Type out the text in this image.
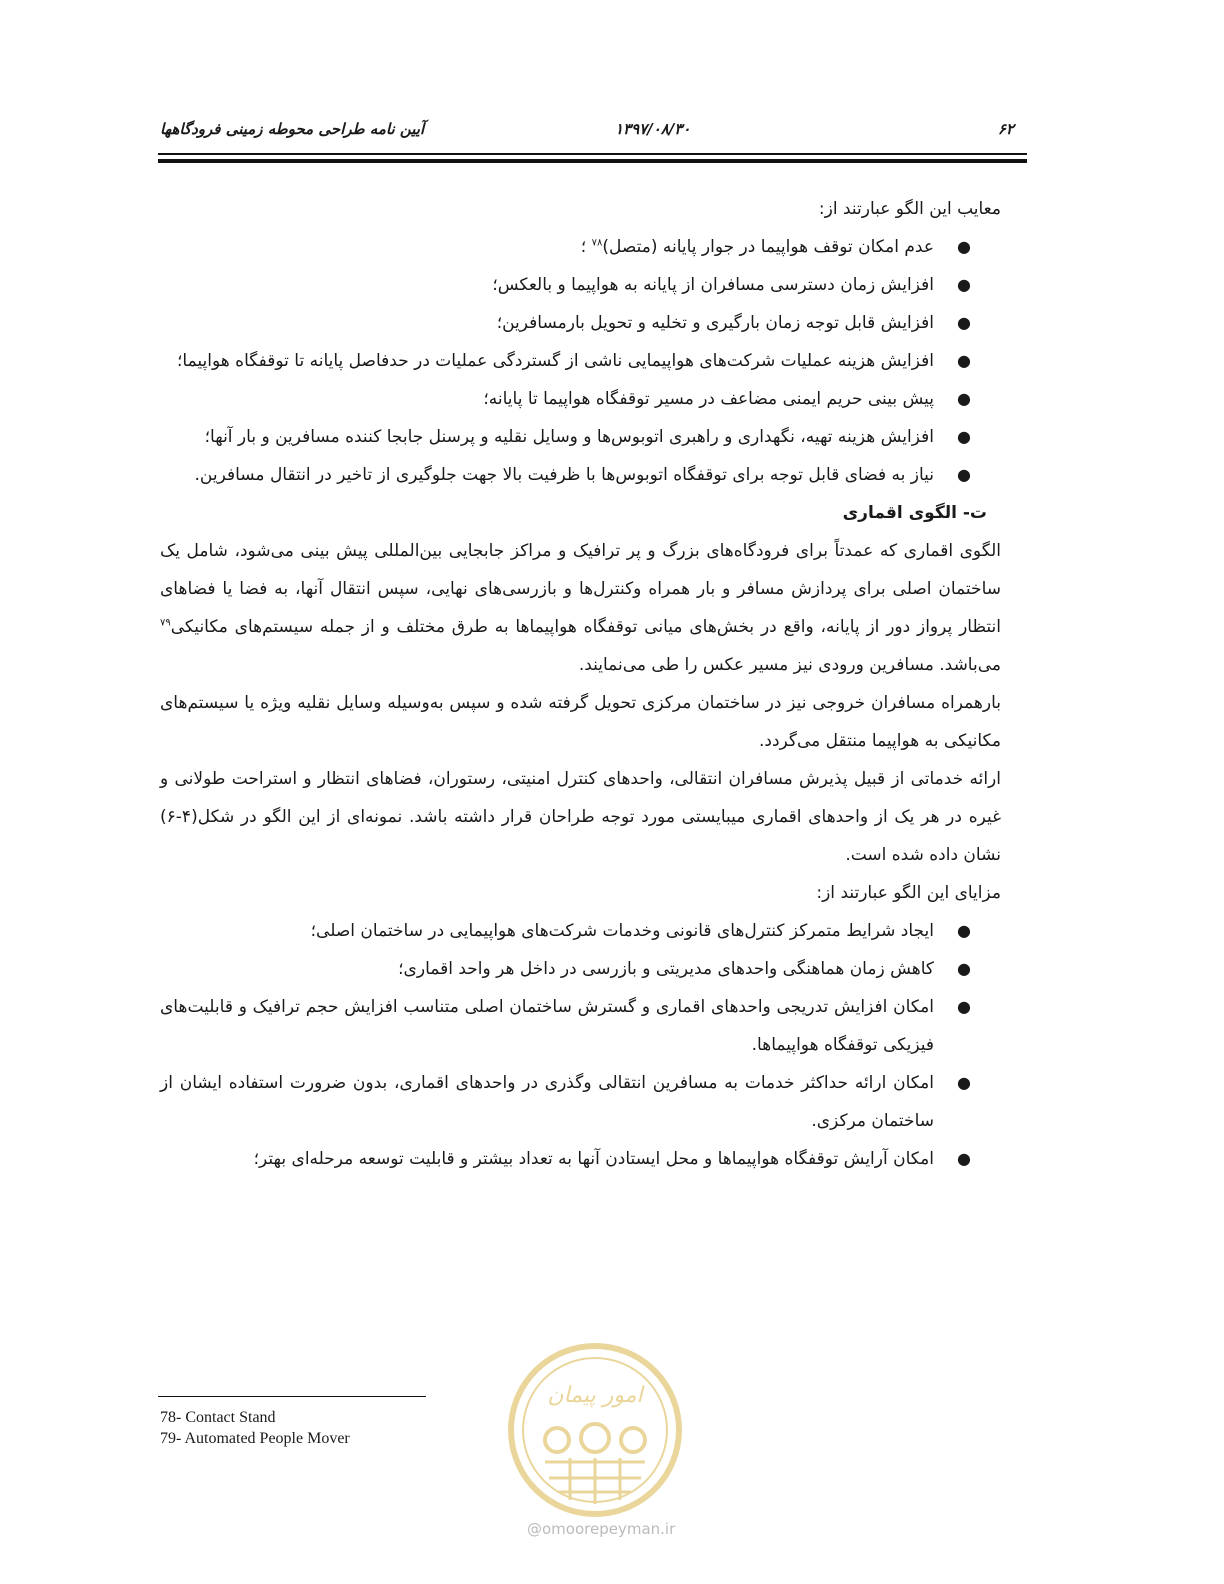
۶۲
۱۳۹۷/۰۸/۳۰
آیین نامه طراحی محوطه زمینی فرودگاهها

معایب این الگو عبارتند از:

●
عدم امکان توقف هواپیما در جوار پایانه (متصل)$^{۷۸}$ ؛
●
افزایش زمان دسترسی مسافران از پایانه به هواپیما و بالعکس؛
●
افزایش قابل توجه زمان بارگیری و تخلیه و تحویل بارمسافرین؛
●
افزایش هزینه عملیات شرکت‌های هواپیمایی ناشی از گستردگی عملیات در حدفاصل پایانه تا توقفگاه هواپیما؛
●
پیش بینی حریم ایمنی مضاعف در مسیر توقفگاه هواپیما تا پایانه؛
●
افزایش هزینه تهیه، نگهداری و راهبری اتوبوس‌ها و وسایل نقلیه و پرسنل جابجا کننده مسافرین و بار آنها؛
●
نیاز به فضای قابل توجه برای توقفگاه اتوبوس‌ها با ظرفیت بالا جهت جلوگیری از تاخیر در انتقال مسافرین.

ت- الگوی اقماری

الگوی اقماری که عمدتاً برای فرودگاه‌های بزرگ و پر ترافیک و مراکز جابجایی بین‌المللی پیش بینی می‌شود، شامل یک ساختمان اصلی برای پردازش مسافر و بار همراه وکنترل‌ها و بازرسی‌های نهایی، سپس انتقال آنها، به فضا یا فضاهای انتظار پرواز دور از پایانه، واقع در بخش‌های میانی توقفگاه هواپیماها به طرق مختلف و از جمله سیستم‌های مکانیکی$^{۷۹}$ می‌باشد. مسافرین ورودی نیز مسیر عکس را طی می‌نمایند.

بارهمراه مسافران خروجی نیز در ساختمان مرکزی تحویل گرفته شده و سپس به‌وسیله وسایل نقلیه ویژه یا سیستم‌های مکانیکی به هواپیما منتقل می‌گردد.

ارائه خدماتی از قبیل پذیرش مسافران انتقالی، واحدهای کنترل امنیتی، رستوران، فضاهای انتظار و استراحت طولانی و غیره در هر یک از واحدهای اقماری میبایستی مورد توجه طراحان قرار داشته باشد. نمونه‌ای از این الگو در شکل(۴-۶) نشان داده شده است.

مزایای این الگو عبارتند از:

●
ایجاد شرایط متمرکز کنترل‌های قانونی وخدمات شرکت‌های هواپیمایی در ساختمان اصلی؛
●
کاهش زمان هماهنگی واحدهای مدیریتی و بازرسی در داخل هر واحد اقماری؛
●
امکان افزایش تدریجی واحدهای اقماری و گسترش ساختمان اصلی متناسب افزایش حجم ترافیک و قابلیت‌های فیزیکی توقفگاه هواپیماها.
●
امکان ارائه حداکثر خدمات به مسافرین انتقالی وگذری در واحدهای اقماری، بدون ضرورت استفاده ایشان از ساختمان مرکزی.
●
امکان آرایش توقفگاه هواپیماها و محل ایستادن آنها به تعداد بیشتر و قابلیت توسعه مرحله‌ای بهتر؛
78- Contact Stand
79- Automated People Mover
امور پیمان
@omoorepeyman.ir
